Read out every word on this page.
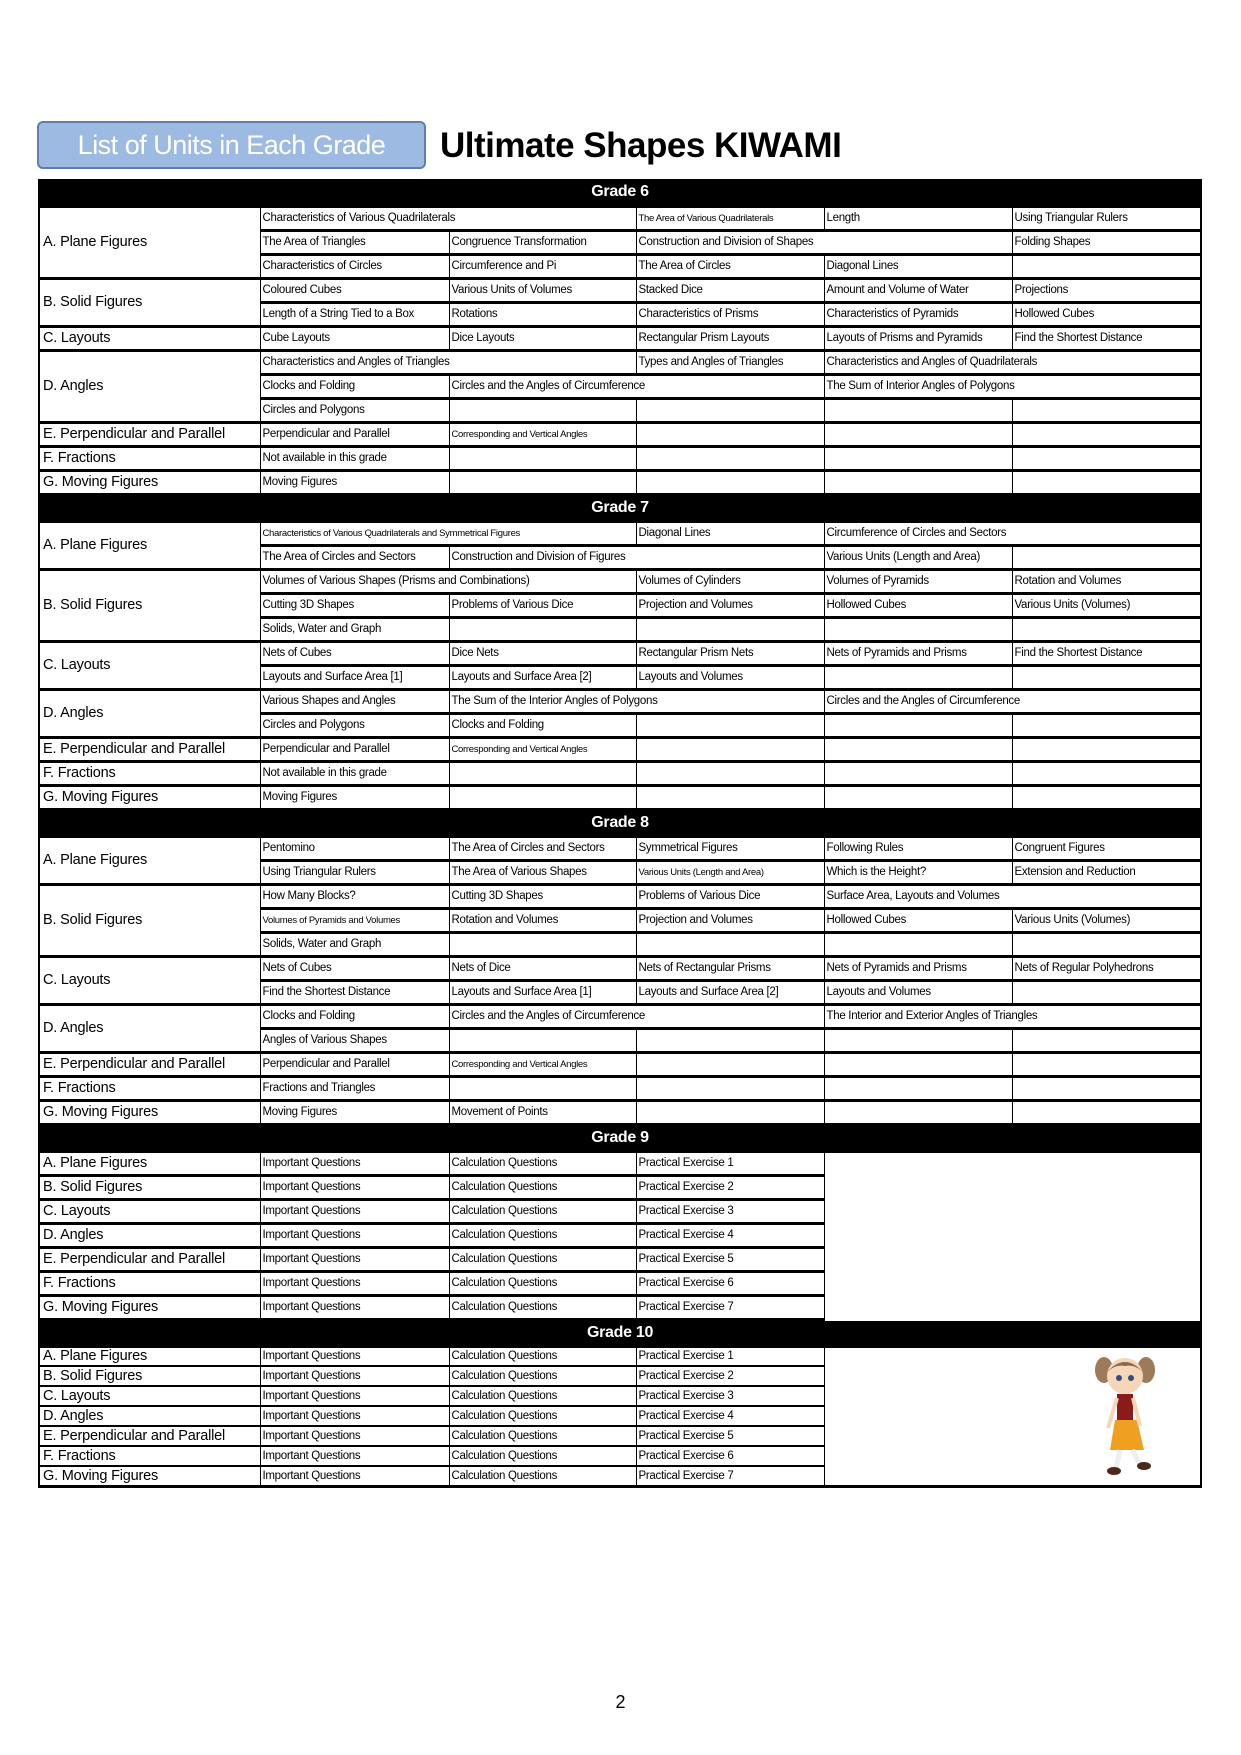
List of Units in Each Grade	Ultimate Shapes KIWAMI
Grade 6					
A. Plane Figures	Characteristics of Various Quadrilaterals		The Area of Various Quadrilaterals	Length	Using Triangular Rulers
	The Area of Triangles	Congruence Transformation	Construction and Division of Shapes		Folding Shapes
	Characteristics of Circles	Circumference and Pi	The Area of Circles	Diagonal Lines	
B. Solid Figures	Coloured Cubes	Various Units of Volumes	Stacked Dice	Amount and Volume of Water	Projections
	Length of a String Tied to a Box	Rotations	Characteristics of Prisms	Characteristics of Pyramids	Hollowed Cubes
C. Layouts	Cube Layouts	Dice Layouts	Rectangular Prism Layouts	Layouts of Prisms and Pyramids	Find the Shortest Distance
D. Angles	Characteristics and Angles of Triangles		Types and Angles of Triangles	Characteristics and Angles of Quadrilaterals	
	Clocks and Folding	Circles and the Angles of Circumference		The Sum of Interior Angles of Polygons	
	Circles and Polygons				
E. Perpendicular and Parallel	Perpendicular and Parallel	Corresponding and Vertical Angles			
F. Fractions	Not available in this grade				
G. Moving Figures	Moving Figures				
Grade 7					
A. Plane Figures	Characteristics of Various Quadrilaterals and Symmetrical Figures		Diagonal Lines	Circumference of Circles and Sectors	
	The Area of Circles and Sectors	Construction and Division of Figures		Various Units (Length and Area)	
B. Solid Figures	Volumes of Various Shapes (Prisms and Combinations)		Volumes of Cylinders	Volumes of Pyramids	Rotation and Volumes
	Cutting 3D Shapes	Problems of Various Dice	Projection and Volumes	Hollowed Cubes	Various Units (Volumes)
	Solids, Water and Graph				
C. Layouts	Nets of Cubes	Dice Nets	Rectangular Prism Nets	Nets of Pyramids and Prisms	Find the Shortest Distance
	Layouts and Surface Area [1]	Layouts and Surface Area [2]	Layouts and Volumes		
D. Angles	Various Shapes and Angles	The Sum of the Interior Angles of Polygons		Circles and the Angles of Circumference	
	Circles and Polygons	Clocks and Folding			
E. Perpendicular and Parallel	Perpendicular and Parallel	Corresponding and Vertical Angles			
F. Fractions	Not available in this grade				
G. Moving Figures	Moving Figures				
Grade 8					
A. Plane Figures	Pentomino	The Area of Circles and Sectors	Symmetrical Figures	Following Rules	Congruent Figures
	Using Triangular Rulers	The Area of Various Shapes	Various Units (Length and Area)	Which is the Height?	Extension and Reduction
B. Solid Figures	How Many Blocks?	Cutting 3D Shapes	Problems of Various Dice	Surface Area, Layouts and Volumes	
	Volumes of Pyramids and Volumes	Rotation and Volumes	Projection and Volumes	Hollowed Cubes	Various Units (Volumes)
	Solids, Water and Graph				
C. Layouts	Nets of Cubes	Nets of Dice	Nets of Rectangular Prisms	Nets of Pyramids and Prisms	Nets of Regular Polyhedrons
	Find the Shortest Distance	Layouts and Surface Area [1]	Layouts and Surface Area [2]	Layouts and Volumes	
D. Angles	Clocks and Folding	Circles and the Angles of Circumference		The Interior and Exterior Angles of Triangles	
	Angles of Various Shapes				
E. Perpendicular and Parallel	Perpendicular and Parallel	Corresponding and Vertical Angles			
F. Fractions	Fractions and Triangles				
G. Moving Figures	Moving Figures	Movement of Points			
Grade 9					
A. Plane Figures	Important Questions	Calculation Questions	Practical Exercise 1		
B. Solid Figures	Important Questions	Calculation Questions	Practical Exercise 2		
C. Layouts	Important Questions	Calculation Questions	Practical Exercise 3		
D. Angles	Important Questions	Calculation Questions	Practical Exercise 4		
E. Perpendicular and Parallel	Important Questions	Calculation Questions	Practical Exercise 5		
F. Fractions	Important Questions	Calculation Questions	Practical Exercise 6		
G. Moving Figures	Important Questions	Calculation Questions	Practical Exercise 7		
Grade 10					
A. Plane Figures	Important Questions	Calculation Questions	Practical Exercise 1	
B. Solid Figures	Important Questions	Calculation Questions	Practical Exercise 2		
C. Layouts	Important Questions	Calculation Questions	Practical Exercise 3		
D. Angles	Important Questions	Calculation Questions	Practical Exercise 4		
E. Perpendicular and Parallel	Important Questions	Calculation Questions	Practical Exercise 5		
F. Fractions	Important Questions	Calculation Questions	Practical Exercise 6		
G. Moving Figures	Important Questions	Calculation Questions	Practical Exercise 7		
2
